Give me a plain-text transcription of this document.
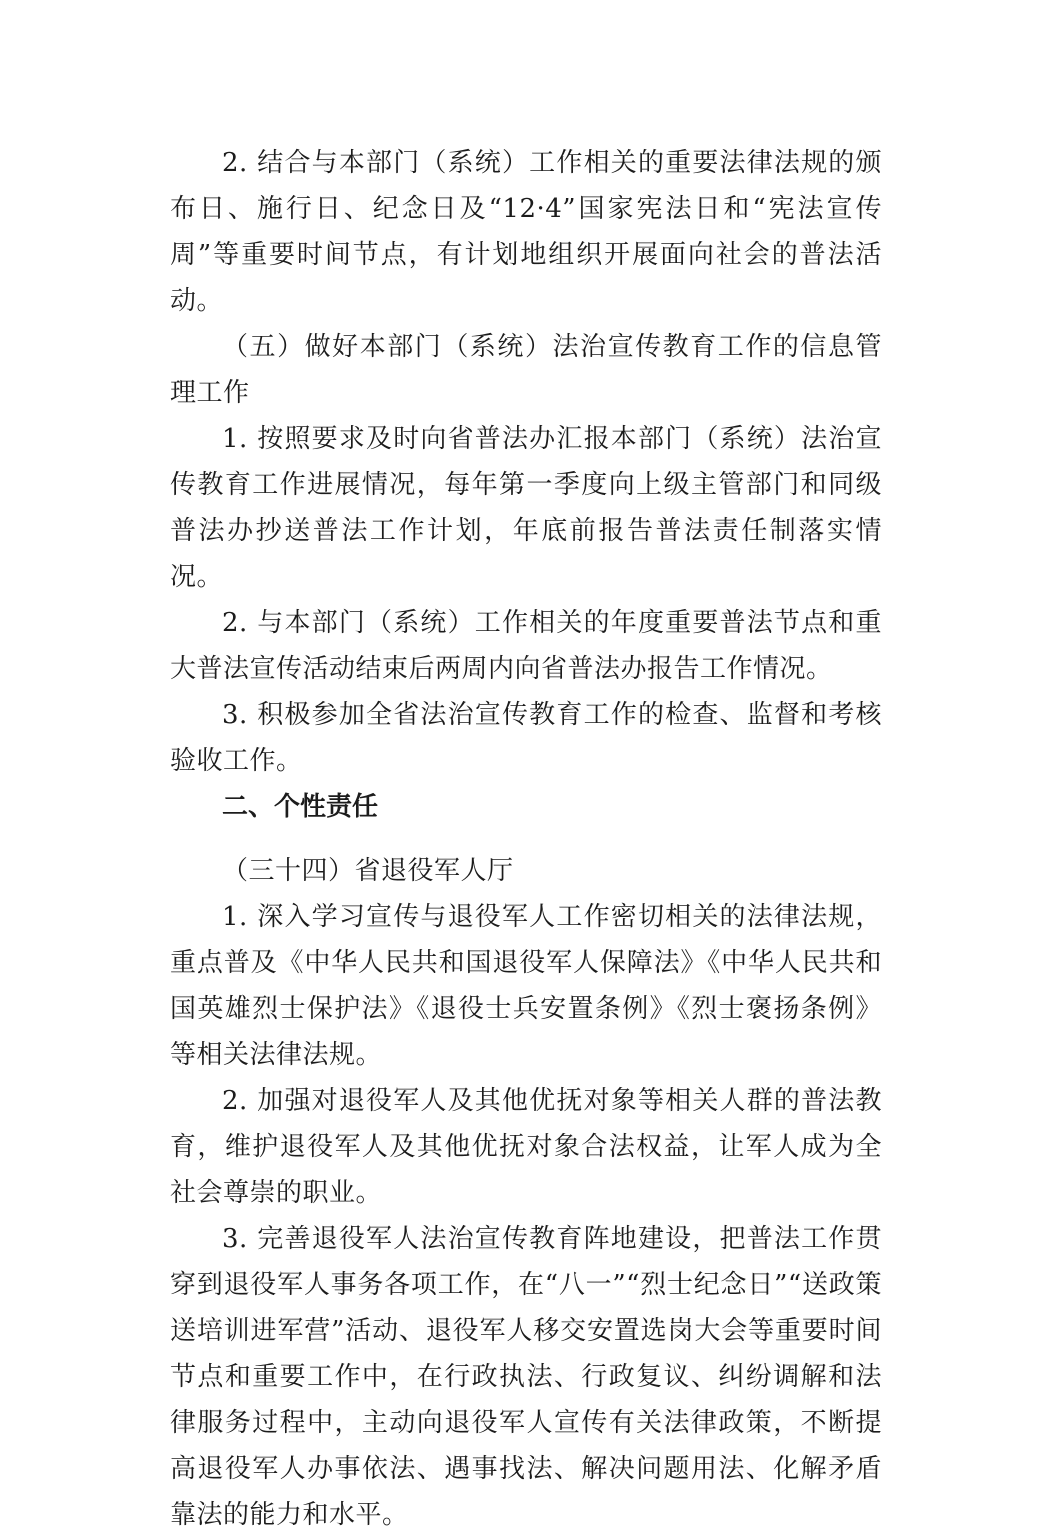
2. 结合与本部门（系统）工作相关的重要法律法规的颁布日、施行日、纪念日及“12·4”国家宪法日和“宪法宣传周”等重要时间节点，有计划地组织开展面向社会的普法活动。

（五）做好本部门（系统）法治宣传教育工作的信息管理工作

1. 按照要求及时向省普法办汇报本部门（系统）法治宣传教育工作进展情况，每年第一季度向上级主管部门和同级普法办抄送普法工作计划，年底前报告普法责任制落实情况。

2. 与本部门（系统）工作相关的年度重要普法节点和重大普法宣传活动结束后两周内向省普法办报告工作情况。

3. 积极参加全省法治宣传教育工作的检查、监督和考核验收工作。

二、个性责任

（三十四）省退役军人厅

1. 深入学习宣传与退役军人工作密切相关的法律法规，重点普及《中华人民共和国退役军人保障法》《中华人民共和国英雄烈士保护法》《退役士兵安置条例》《烈士褒扬条例》等相关法律法规。

2. 加强对退役军人及其他优抚对象等相关人群的普法教育，维护退役军人及其他优抚对象合法权益，让军人成为全社会尊崇的职业。

3. 完善退役军人法治宣传教育阵地建设，把普法工作贯穿到退役军人事务各项工作，在“八一”“烈士纪念日”“送政策送培训进军营”活动、退役军人移交安置选岗大会等重要时间节点和重要工作中，在行政执法、行政复议、纠纷调解和法律服务过程中，主动向退役军人宣传有关法律政策，不断提高退役军人办事依法、遇事找法、解决问题用法、化解矛盾靠法的能力和水平。
